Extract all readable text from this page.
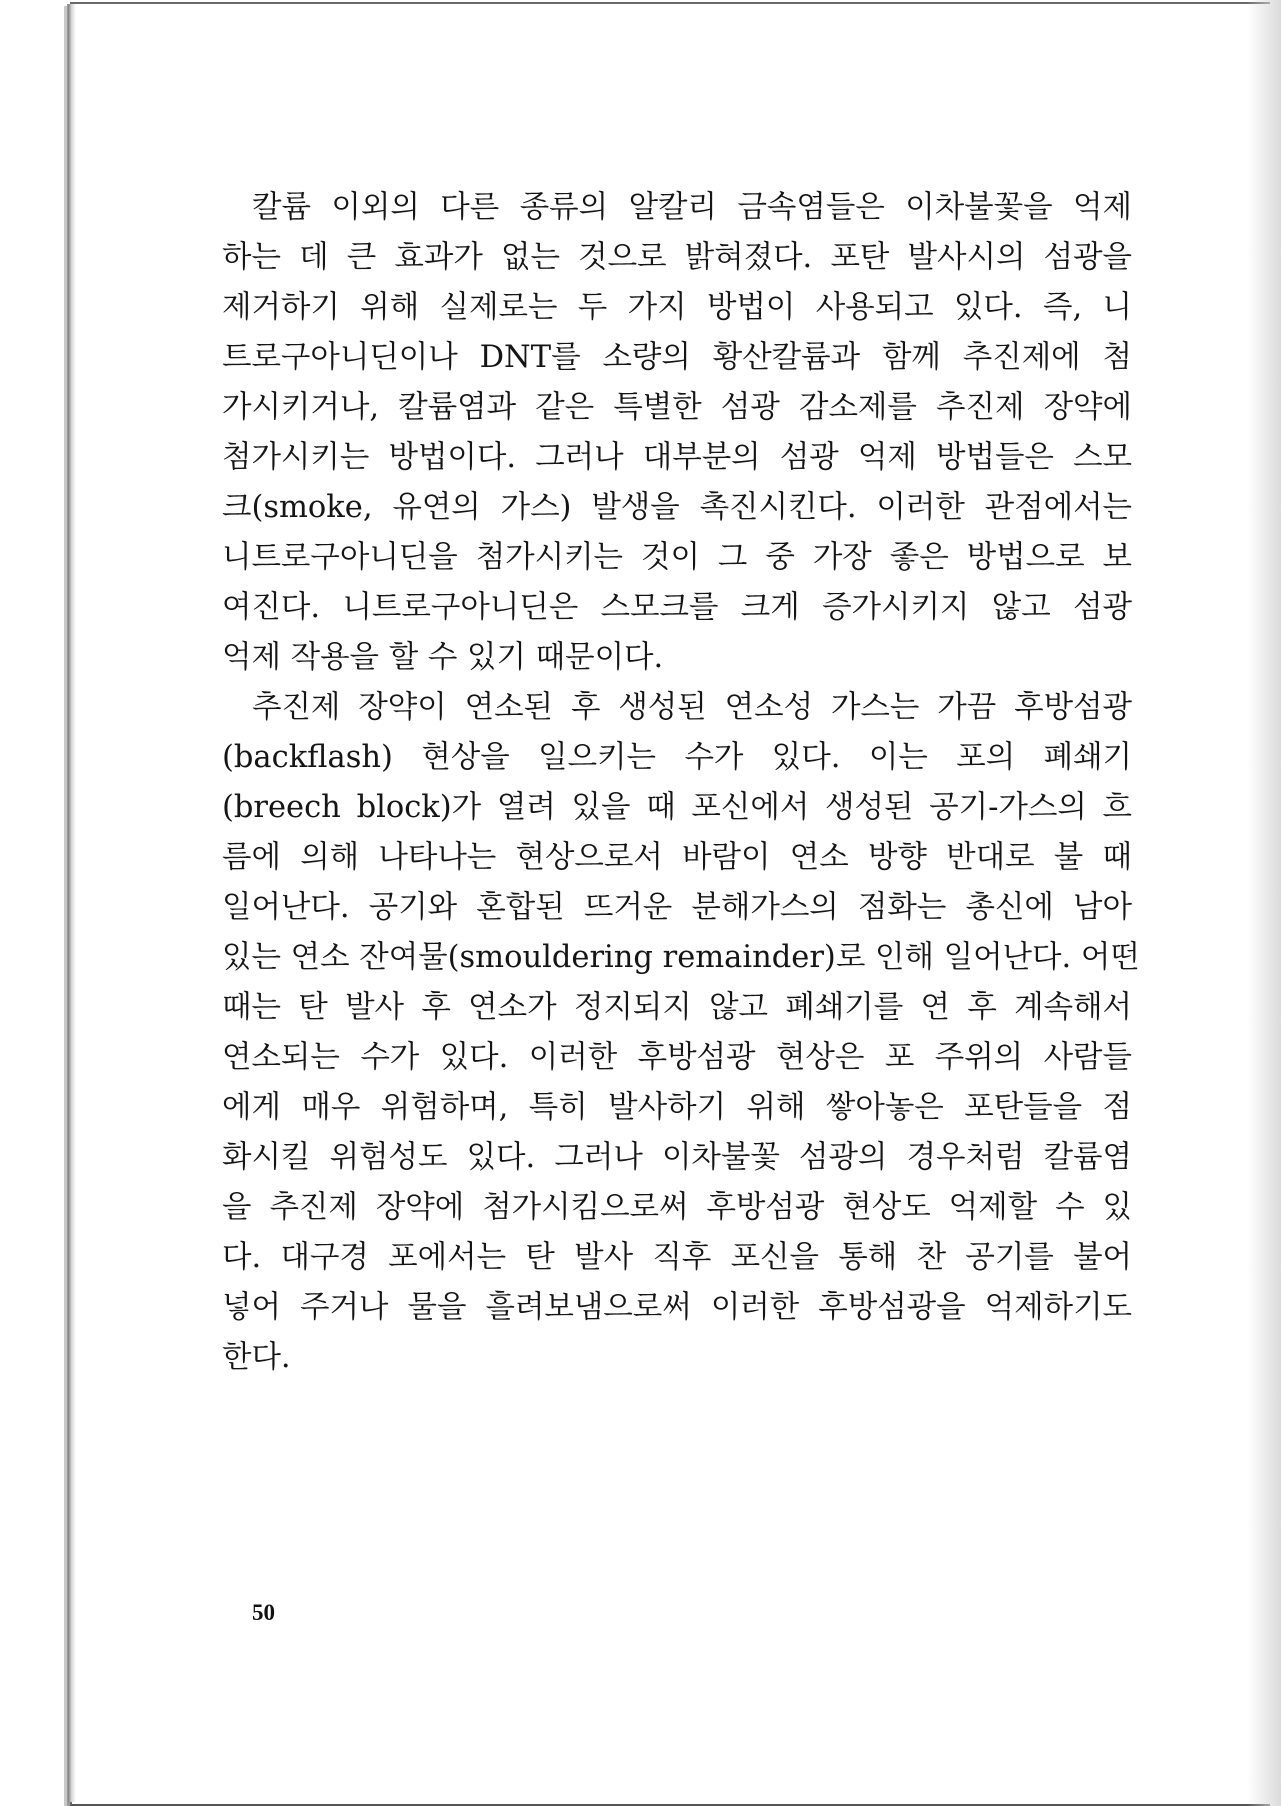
칼륨 이외의 다른 종류의 알칼리 금속염들은 이차불꽃을 억제
하는 데 큰 효과가 없는 것으로 밝혀졌다. 포탄 발사시의 섬광을
제거하기 위해 실제로는 두 가지 방법이 사용되고 있다. 즉, 니
트로구아니딘이나 DNT를 소량의 황산칼륨과 함께 추진제에 첨
가시키거나, 칼륨염과 같은 특별한 섬광 감소제를 추진제 장약에
첨가시키는 방법이다. 그러나 대부분의 섬광 억제 방법들은 스모
크(smoke, 유연의 가스) 발생을 촉진시킨다. 이러한 관점에서는
니트로구아니딘을 첨가시키는 것이 그 중 가장 좋은 방법으로 보
여진다. 니트로구아니딘은 스모크를 크게 증가시키지 않고 섬광
억제 작용을 할 수 있기 때문이다.
추진제 장약이 연소된 후 생성된 연소성 가스는 가끔 후방섬광
(backflash) 현상을 일으키는 수가 있다. 이는 포의 폐쇄기
(breech block)가 열려 있을 때 포신에서 생성된 공기-가스의 흐
름에 의해 나타나는 현상으로서 바람이 연소 방향 반대로 불 때
일어난다. 공기와 혼합된 뜨거운 분해가스의 점화는 총신에 남아
있는 연소 잔여물(smouldering remainder)로 인해 일어난다. 어떤
때는 탄 발사 후 연소가 정지되지 않고 폐쇄기를 연 후 계속해서
연소되는 수가 있다. 이러한 후방섬광 현상은 포 주위의 사람들
에게 매우 위험하며, 특히 발사하기 위해 쌓아놓은 포탄들을 점
화시킬 위험성도 있다. 그러나 이차불꽃 섬광의 경우처럼 칼륨염
을 추진제 장약에 첨가시킴으로써 후방섬광 현상도 억제할 수 있
다. 대구경 포에서는 탄 발사 직후 포신을 통해 찬 공기를 불어
넣어 주거나 물을 흘려보냄으로써 이러한 후방섬광을 억제하기도
한다.
50
